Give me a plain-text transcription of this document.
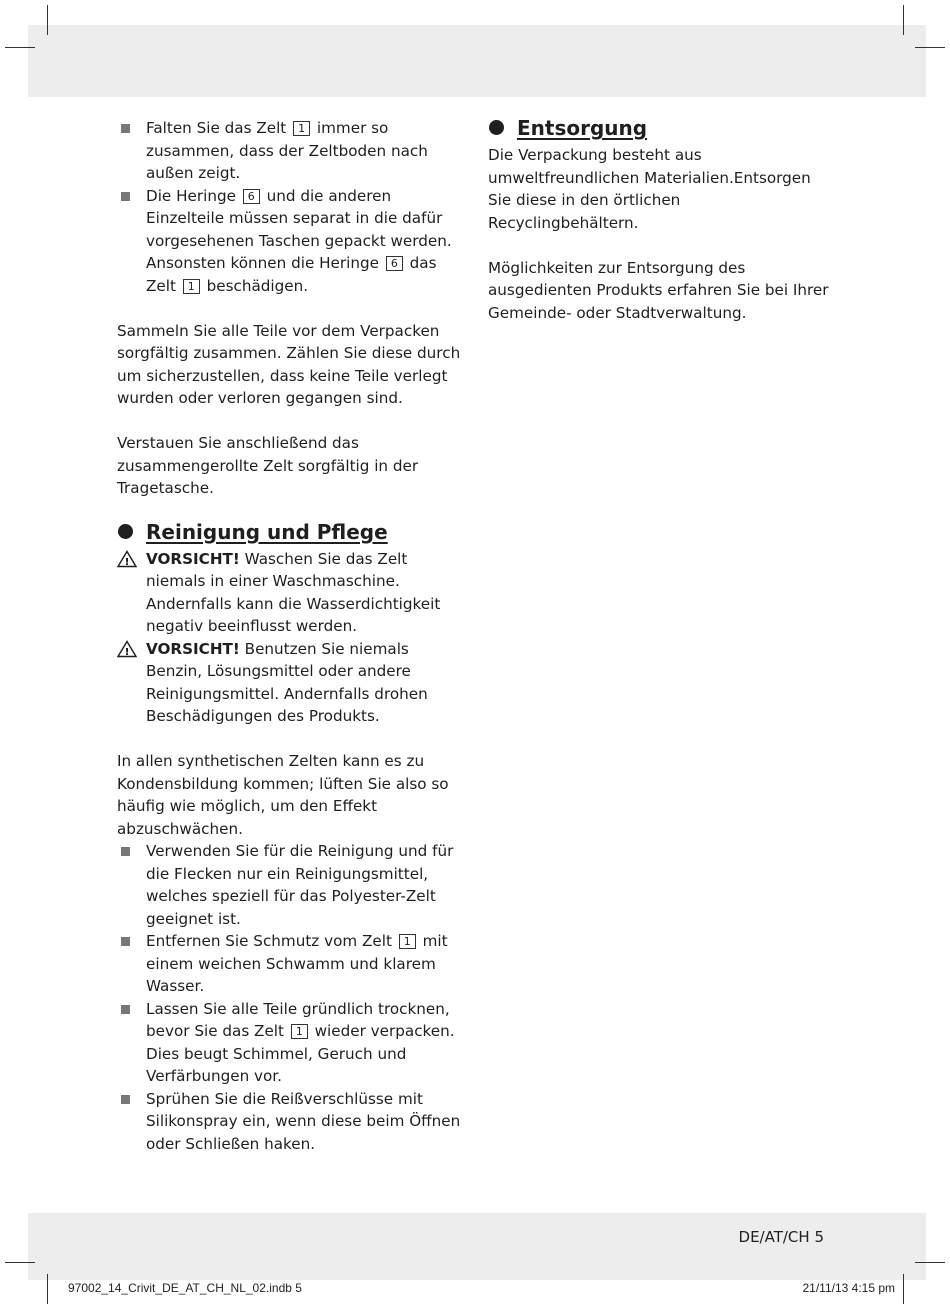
Falten Sie das Zelt 1 immer so zusammen, dass der Zeltboden nach außen zeigt.
Die Heringe 6 und die anderen Einzelteile müssen separat in die dafür vorgesehenen Taschen gepackt werden. Ansonsten können die Heringe 6 das Zelt 1 beschädigen.

Sammeln Sie alle Teile vor dem Verpacken sorgfältig zusammen. Zählen Sie diese durch um sicherzustellen, dass keine Teile verlegt wurden oder verloren gegangen sind.

Verstauen Sie anschließend das zusammengerollte Zelt sorgfältig in der Tragetasche.

Reinigung und Pflege
! VORSICHT! Waschen Sie das Zelt niemals in einer Waschmaschine. Andernfalls kann die Wasserdichtigkeit negativ beeinflusst werden.
! VORSICHT! Benutzen Sie niemals Benzin, Lösungsmittel oder andere Reinigungsmittel. Andernfalls drohen Beschädigungen des Produkts.

In allen synthetischen Zelten kann es zu Kondensbildung kommen; lüften Sie also so häufig wie möglich, um den Effekt abzuschwächen.

Verwenden Sie für die Reinigung und für die Flecken nur ein Reinigungsmittel, welches speziell für das Polyester-Zelt geeignet ist.
Entfernen Sie Schmutz vom Zelt 1 mit einem weichen Schwamm und klarem Wasser.
Lassen Sie alle Teile gründlich trocknen, bevor Sie das Zelt 1 wieder verpacken. Dies beugt Schimmel, Geruch und Verfärbungen vor.
Sprühen Sie die Reißverschlüsse mit Silikonspray ein, wenn diese beim Öffnen oder Schließen haken.
Entsorgung

Die Verpackung besteht aus umweltfreundlichen Materialien.Entsorgen Sie diese in den örtlichen Recyclingbehältern.

Möglichkeiten zur Entsorgung des ausgedienten Produkts erfahren Sie bei Ihrer Gemeinde- oder Stadtverwaltung.

DE/AT/CH 5
97002_14_Crivit_DE_AT_CH_NL_02.indb 5	21/11/13 4:15 pm
